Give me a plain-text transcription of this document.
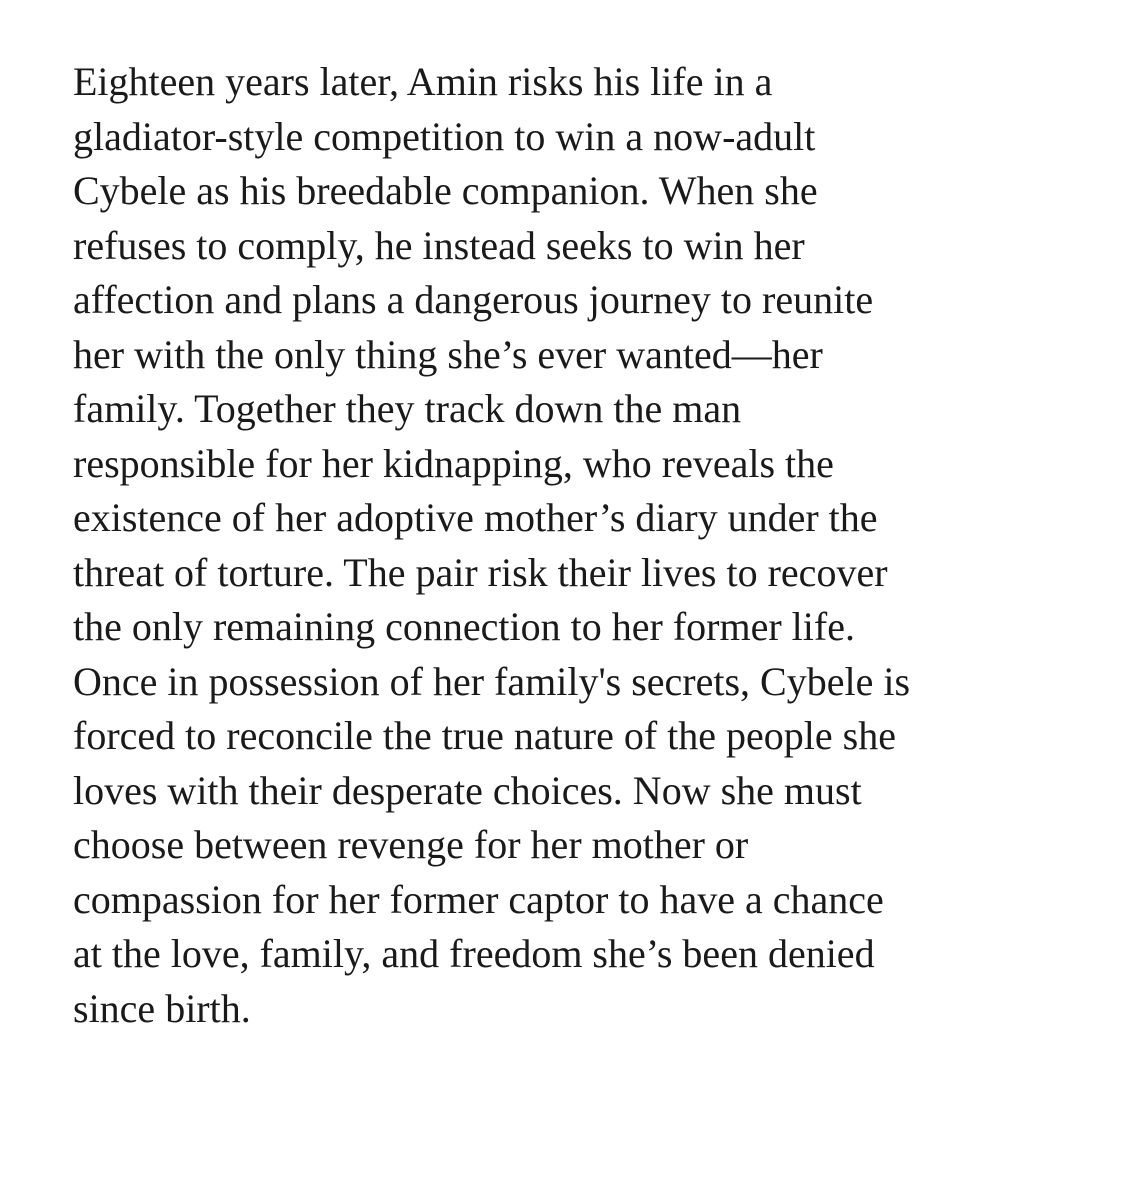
Eighteen years later, Amin risks his life in a
gladiator-style competition to win a now-adult
Cybele as his breedable companion. When she
refuses to comply, he instead seeks to win her
affection and plans a dangerous journey to reunite
her with the only thing she’s ever wanted—her
family. Together they track down the man
responsible for her kidnapping, who reveals the
existence of her adoptive mother’s diary under the
threat of torture. The pair risk their lives to recover
the only remaining connection to her former life.
Once in possession of her family's secrets, Cybele is
forced to reconcile the true nature of the people she
loves with their desperate choices. Now she must
choose between revenge for her mother or
compassion for her former captor to have a chance
at the love, family, and freedom she’s been denied
since birth.
